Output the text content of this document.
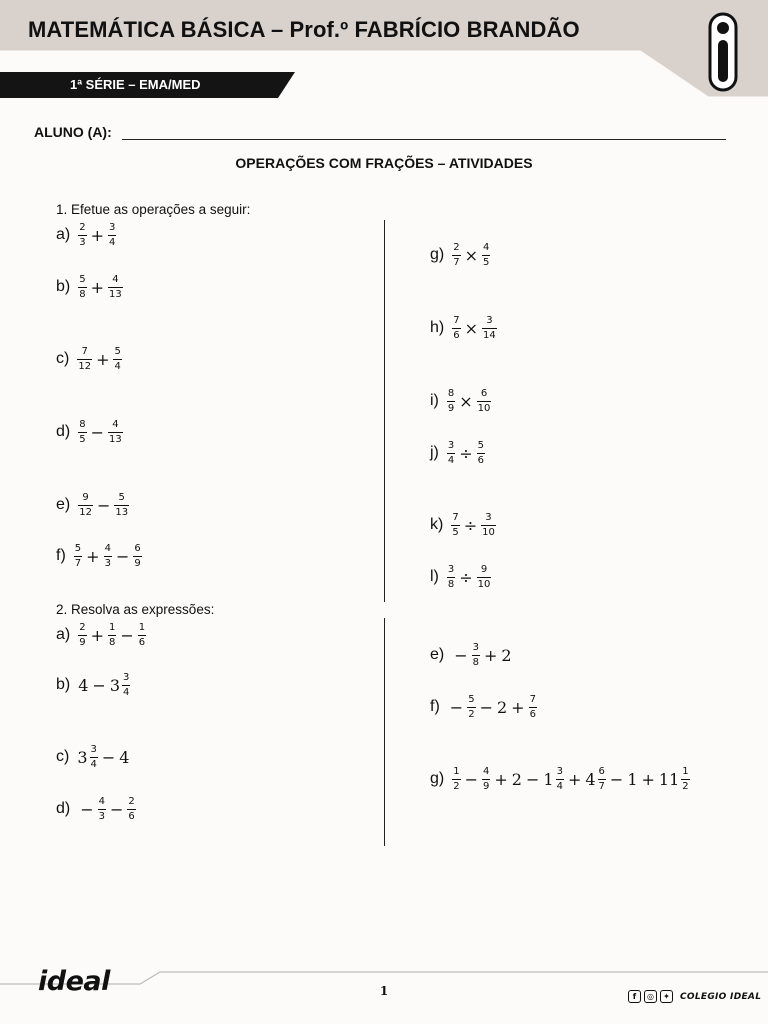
MATEMÁTICA BÁSICA – Prof.º FABRÍCIO BRANDÃO
1ª SÉRIE – EMA/MED
ALUNO (A):
OPERAÇÕES COM FRAÇÕES – ATIVIDADES
1. Efetue as operações a seguir:
$a) \frac{2}{3} + \frac{3}{4}$
$b) \frac{5}{8} + \frac{4}{13}$
$c) \frac{7}{12} + \frac{5}{4}$
$d) \frac{8}{5} - \frac{4}{13}$
$e) \frac{9}{12} - \frac{5}{13}$
$f) \frac{5}{7} + \frac{4}{3} - \frac{6}{9}$
$g) \frac{2}{7} \times \frac{4}{5}$
$h) \frac{7}{6} \times \frac{3}{14}$
$i) \frac{8}{9} \times \frac{6}{10}$
$j) \frac{3}{4} \div \frac{5}{6}$
$k) \frac{7}{5} \div \frac{3}{10}$
$l) \frac{3}{8} \div \frac{9}{10}$
2. Resolva as expressões:
$a) \frac{2}{9} + \frac{1}{8} - \frac{1}{6}$
b) $4 - 3 \frac{3}{4}$
c) $3 \frac{3}{4} - 4$
$d) - \frac{4}{3} - \frac{2}{6}$
$e) - \frac{3}{8} + 2$
$f) - \frac{5}{2} - 2 + \frac{7}{6}$
$g) \frac{1}{2} - \frac{4}{9} + 2 - 1 \frac{3}{4} + 4 \frac{6}{7} - 1 + 11 \frac{1}{2}$
ideal	1	f	◎	✦	COLEGIO IDEAL
